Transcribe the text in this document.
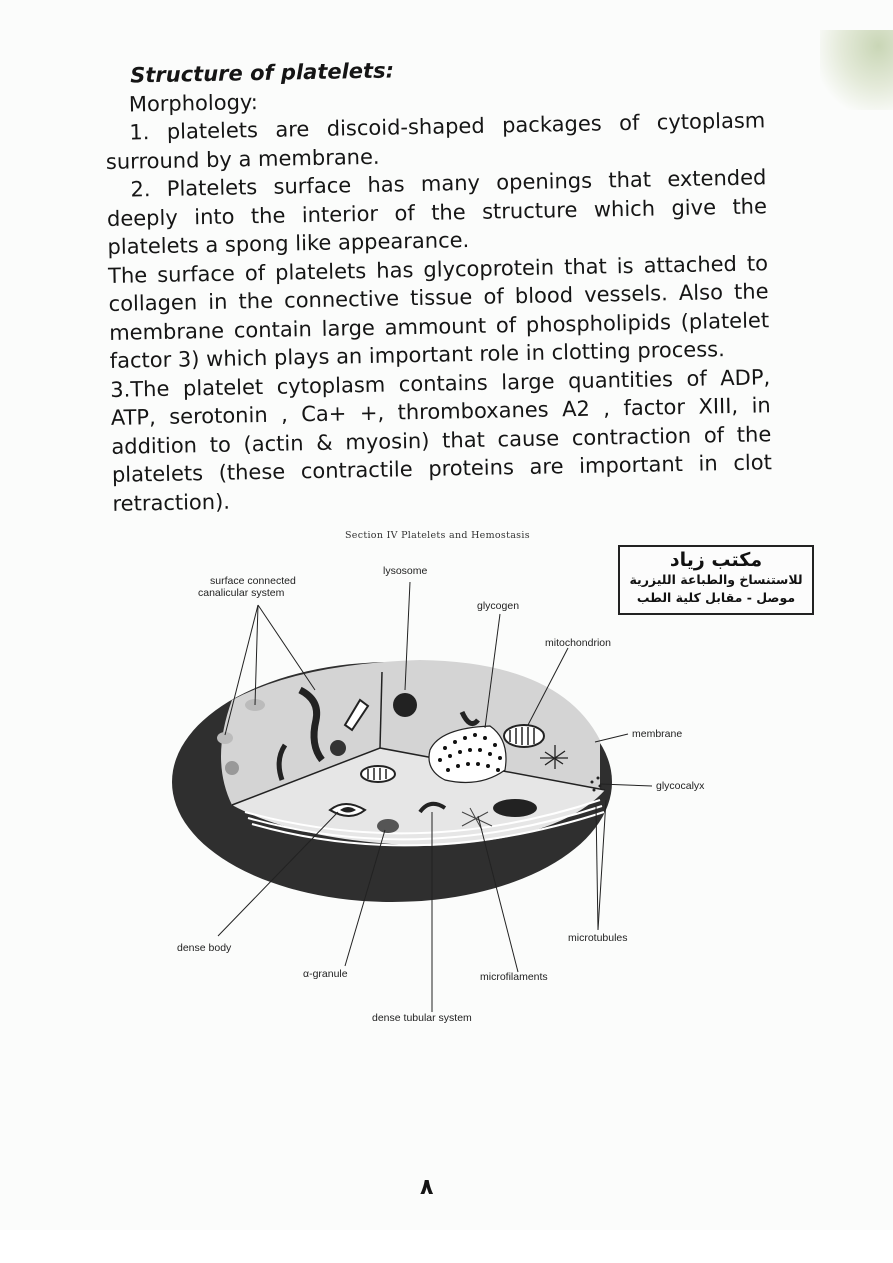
Structure of platelets:
Morphology:
1. platelets are discoid-shaped packages of cytoplasm surround by a membrane.
2. Platelets surface has many openings that extended deeply into the interior of the structure which give the platelets a spong like appearance.
The surface of platelets has glycoprotein that is attached to collagen in the connective tissue of blood vessels. Also the membrane contain large ammount of phospholipids (platelet factor 3) which plays an important role in clotting process.
3.The platelet cytoplasm contains large quantities of ADP, ATP, serotonin , Ca+ +, thromboxanes A2 , factor XIII, in addition to (actin & myosin) that cause contraction of the platelets (these contractile proteins are important in clot retraction).
Section IV Platelets and Hemostasis
مكتب زياد
للاستنساخ والطباعة الليزرية
موصل - مقابل كلية الطب
surface connected
canalicular system
lysosome
glycogen
mitochondrion
membrane
glycocalyx
microtubules
dense body
α-granule	microfilaments
dense tubular system
٨
